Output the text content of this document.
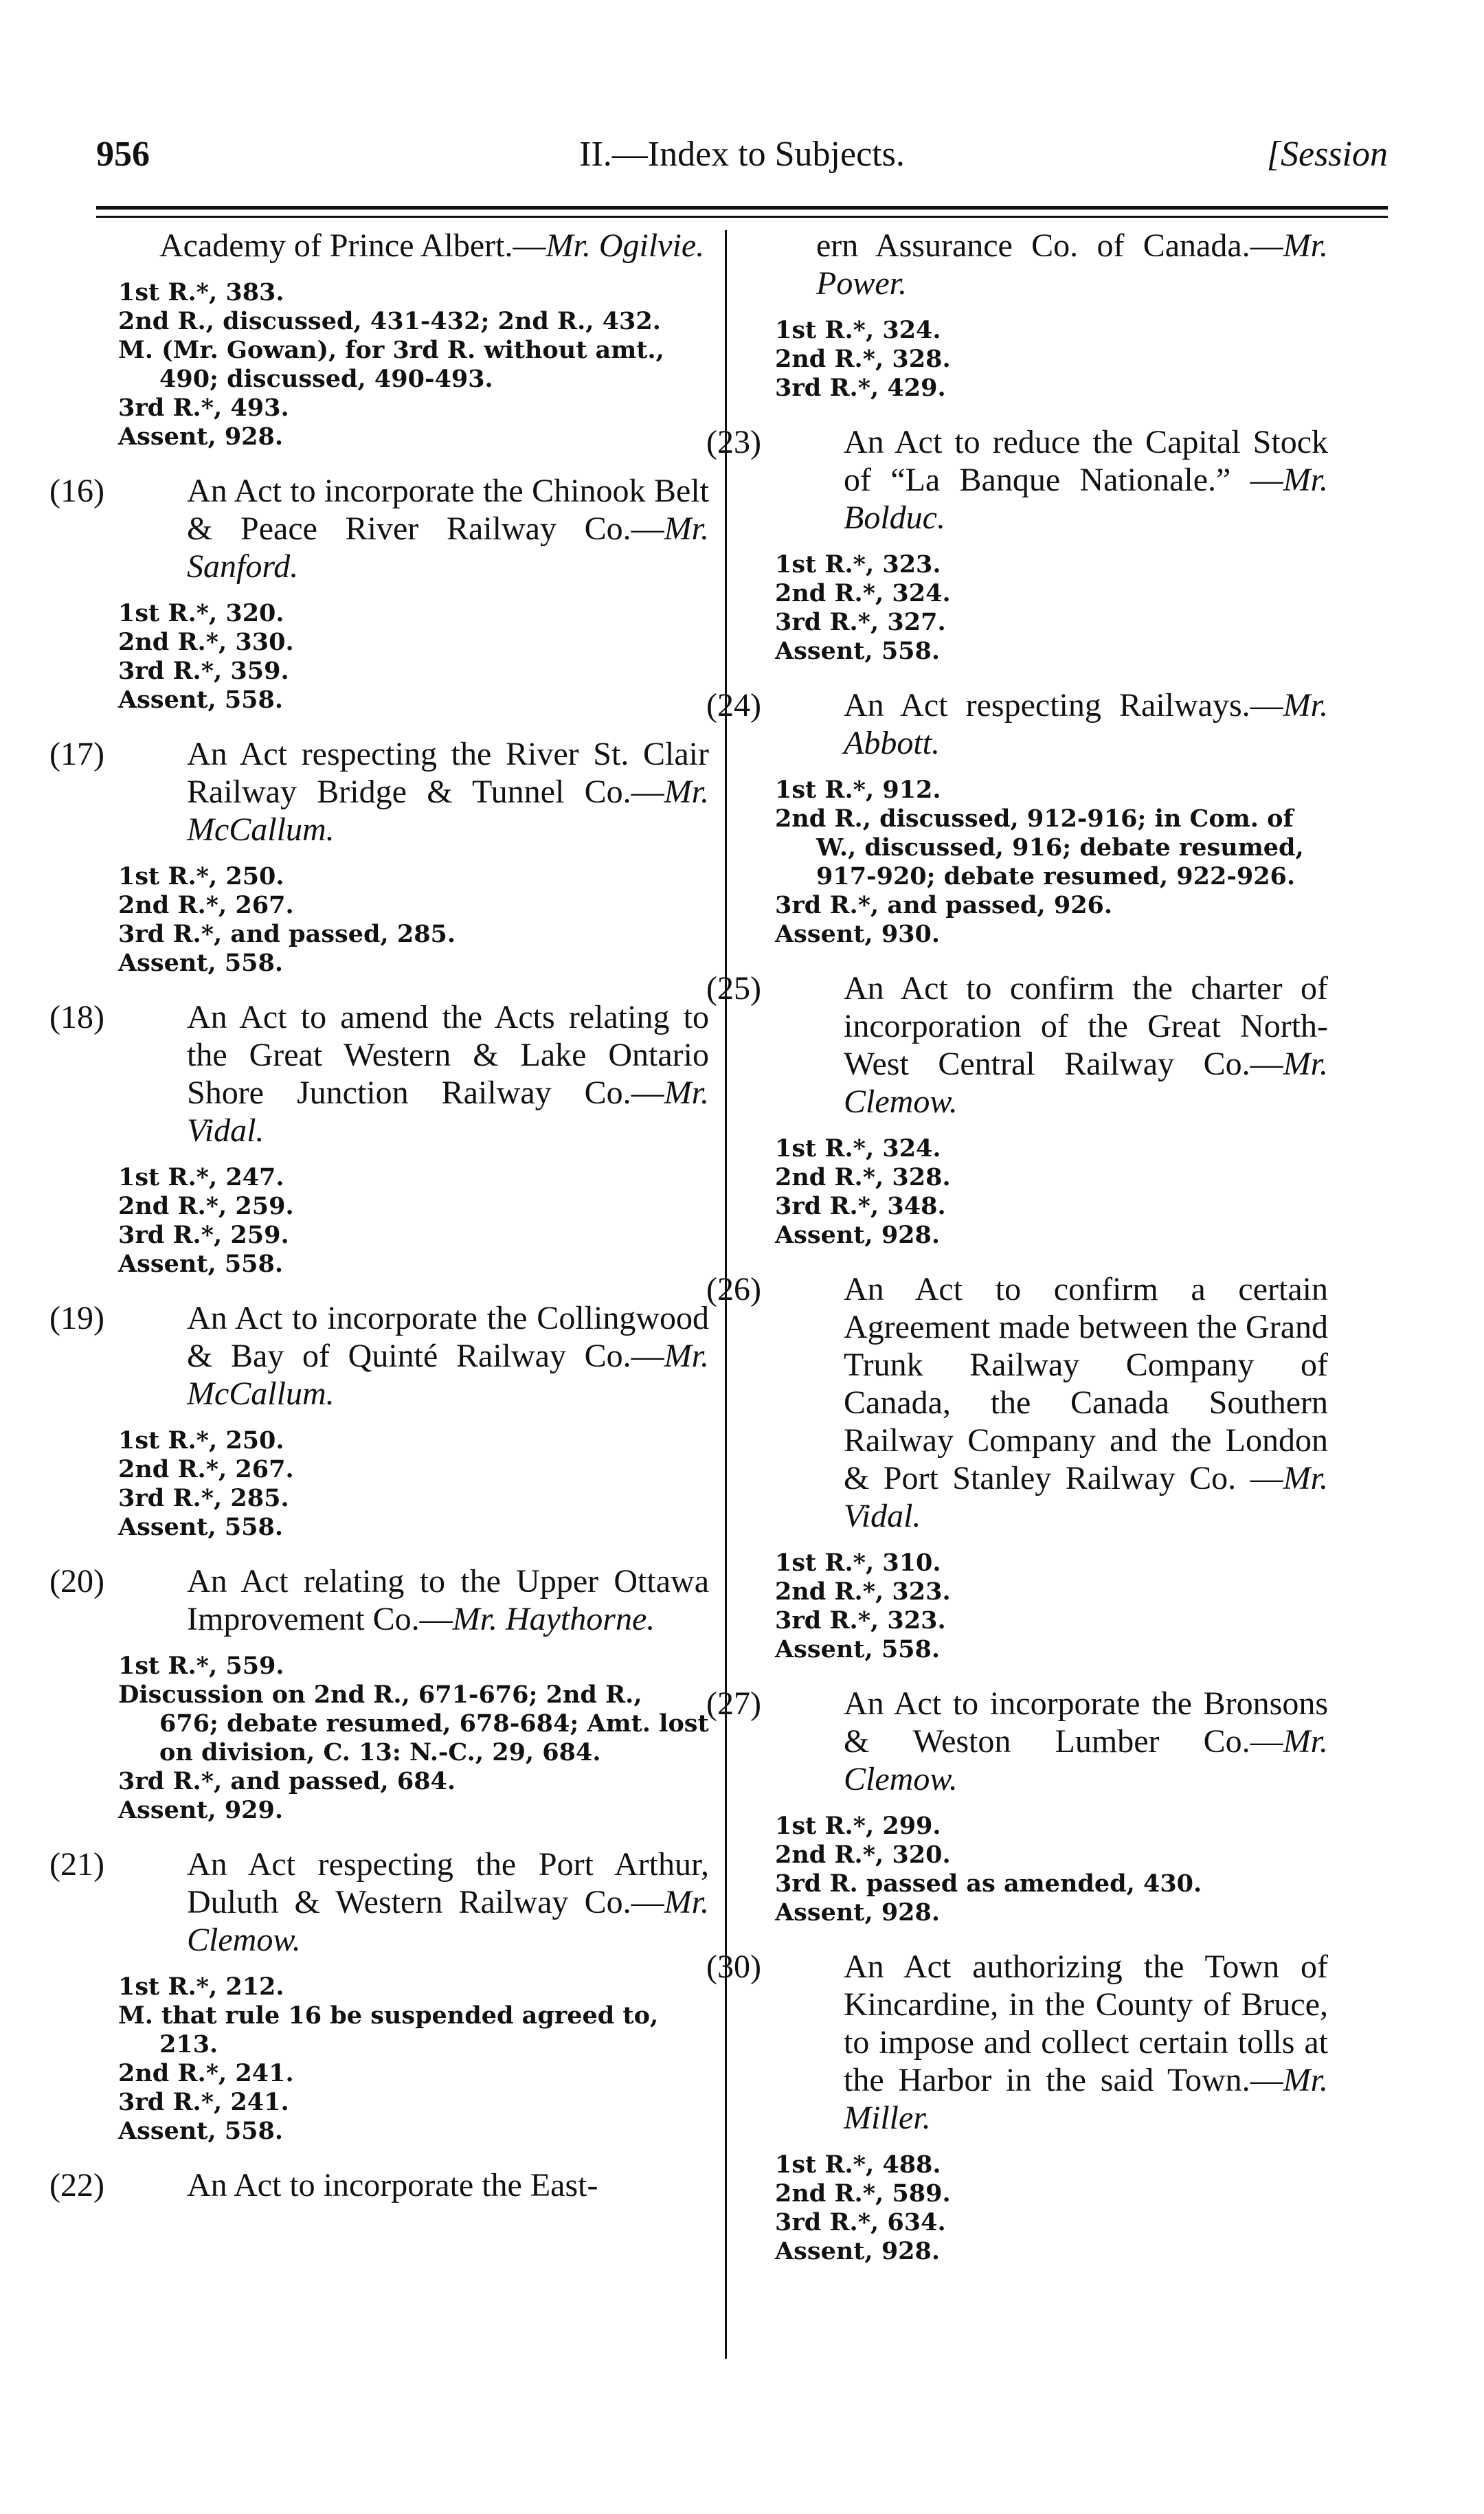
956	II.—Index to Subjects.	[Session
Academy of Prince Albert.—Mr. Ogilvie.
1st R.*, 383.
2nd R., discussed, 431-432; 2nd R., 432.
M. (Mr. Gowan), for 3rd R. without amt., 490; discussed, 490-493.
3rd R.*, 493.
Assent, 928.
(16)	An Act to incorporate the Chinook Belt & Peace River Railway Co.—Mr. Sanford.
1st R.*, 320.
2nd R.*, 330.
3rd R.*, 359.
Assent, 558.
(17)	An Act respecting the River St. Clair Railway Bridge & Tunnel Co.—Mr. McCallum.
1st R.*, 250.
2nd R.*, 267.
3rd R.*, and passed, 285.
Assent, 558.
(18)	An Act to amend the Acts relating to the Great Western & Lake Ontario Shore Junction Railway Co.—Mr. Vidal.
1st R.*, 247.
2nd R.*, 259.
3rd R.*, 259.
Assent, 558.
(19)	An Act to incorporate the Collingwood & Bay of Quinté Railway Co.—Mr. McCallum.
1st R.*, 250.
2nd R.*, 267.
3rd R.*, 285.
Assent, 558.
(20)	An Act relating to the Upper Ottawa Improvement Co.—Mr. Haythorne.
1st R.*, 559.
Discussion on 2nd R., 671-676; 2nd R., 676; debate resumed, 678-684; Amt. lost on division, C. 13: N.-C., 29, 684.
3rd R.*, and passed, 684.
Assent, 929.
(21)	An Act respecting the Port Arthur, Duluth & Western Railway Co.—Mr. Clemow.
1st R.*, 212.
M. that rule 16 be suspended agreed to, 213.
2nd R.*, 241.
3rd R.*, 241.
Assent, 558.
(22)	An Act to incorporate the East-
ern Assurance Co. of Canada.—Mr. Power.
1st R.*, 324.
2nd R.*, 328.
3rd R.*, 429.
(23)	An Act to reduce the Capital Stock of “La Banque Nationale.” —Mr. Bolduc.
1st R.*, 323.
2nd R.*, 324.
3rd R.*, 327.
Assent, 558.
(24)	An Act respecting Railways.—Mr. Abbott.
1st R.*, 912.
2nd R., discussed, 912-916; in Com. of W., discussed, 916; debate resumed, 917-920; debate resumed, 922-926.
3rd R.*, and passed, 926.
Assent, 930.
(25)	An Act to confirm the charter of incorporation of the Great North-West Central Railway Co.—Mr. Clemow.
1st R.*, 324.
2nd R.*, 328.
3rd R.*, 348.
Assent, 928.
(26)	An Act to confirm a certain Agreement made between the Grand Trunk Railway Company of Canada, the Canada Southern Railway Company and the London & Port Stanley Railway Co. —Mr. Vidal.
1st R.*, 310.
2nd R.*, 323.
3rd R.*, 323.
Assent, 558.
(27)	An Act to incorporate the Bronsons & Weston Lumber Co.—Mr. Clemow.
1st R.*, 299.
2nd R.*, 320.
3rd R. passed as amended, 430.
Assent, 928.
(30)	An Act authorizing the Town of Kincardine, in the County of Bruce, to impose and collect certain tolls at the Harbor in the said Town.—Mr. Miller.
1st R.*, 488.
2nd R.*, 589.
3rd R.*, 634.
Assent, 928.
